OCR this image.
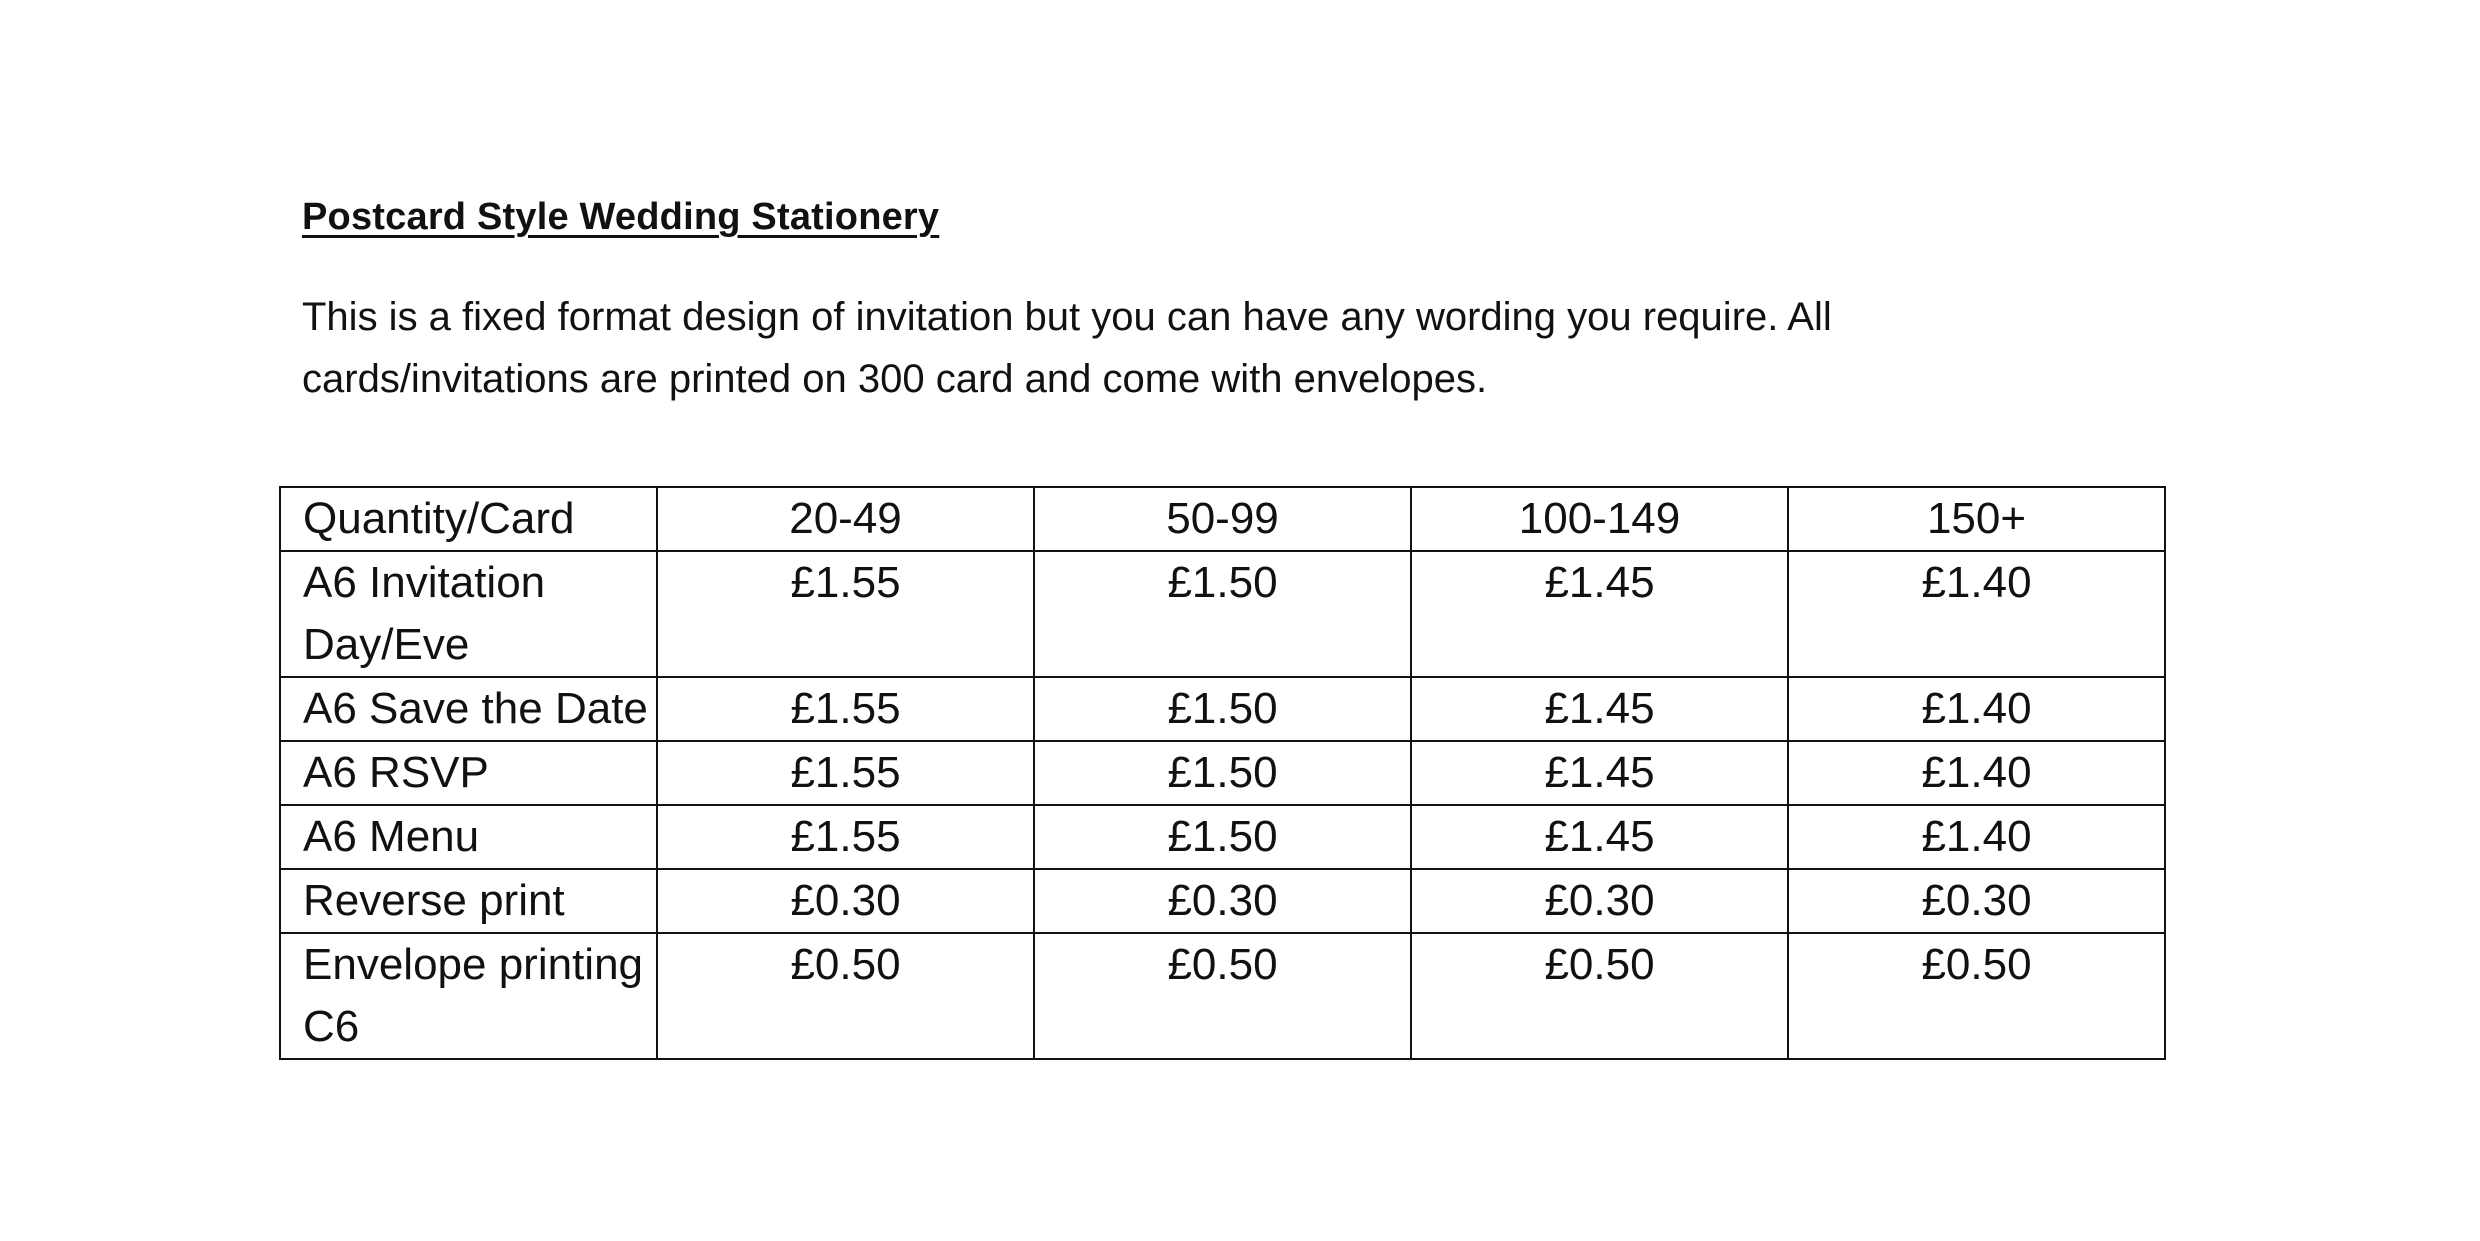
Postcard Style Wedding Stationery

This is a fixed format design of invitation but you can have any wording you require. All cards/invitations are printed on 300 card and come with envelopes.

Quantity/Card	20-49	50-99	100-149	150+
A6 Invitation Day/Eve	£1.55	£1.50	£1.45	£1.40
A6 Save the Date	£1.55	£1.50	£1.45	£1.40
A6 RSVP	£1.55	£1.50	£1.45	£1.40
A6 Menu	£1.55	£1.50	£1.45	£1.40
Reverse print	£0.30	£0.30	£0.30	£0.30
Envelope printing C6	£0.50	£0.50	£0.50	£0.50
